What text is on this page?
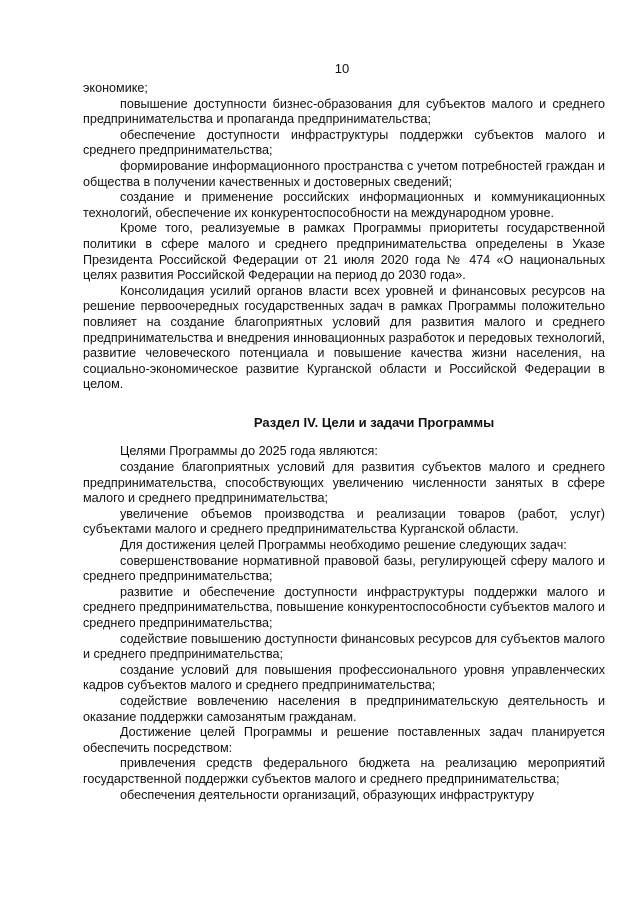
10

экономике;

повышение доступности бизнес-образования для субъектов малого и среднего предпринимательства и пропаганда предпринимательства;

обеспечение доступности инфраструктуры поддержки субъектов малого и среднего предпринимательства;

формирование информационного пространства с учетом потребностей граждан и общества в получении качественных и достоверных сведений;

создание и применение российских информационных и коммуникационных технологий, обеспечение их конкурентоспособности на международном уровне.

Кроме того, реализуемые в рамках Программы приоритеты государственной политики в сфере малого и среднего предпринимательства определены в Указе Президента Российской Федерации от 21 июля 2020 года № 474 «О национальных целях развития Российской Федерации на период до 2030 года».

Консолидация усилий органов власти всех уровней и финансовых ресурсов на решение первоочередных государственных задач в рамках Программы положительно повлияет на создание благоприятных условий для развития малого и среднего предпринимательства и внедрения инновационных разработок и передовых технологий, развитие человеческого потенциала и повышение качества жизни населения, на социально-экономическое развитие Курганской области и Российской Федерации в целом.

Раздел IV. Цели и задачи Программы

Целями Программы до 2025 года являются:

создание благоприятных условий для развития субъектов малого и среднего предпринимательства, способствующих увеличению численности занятых в сфере малого и среднего предпринимательства;

увеличение объемов производства и реализации товаров (работ, услуг) субъектами малого и среднего предпринимательства Курганской области.

Для достижения целей Программы необходимо решение следующих задач:

совершенствование нормативной правовой базы, регулирующей сферу малого и среднего предпринимательства;

развитие и обеспечение доступности инфраструктуры поддержки малого и среднего предпринимательства, повышение конкурентоспособности субъектов малого и среднего предпринимательства;

содействие повышению доступности финансовых ресурсов для субъектов малого и среднего предпринимательства;

создание условий для повышения профессионального уровня управленческих кадров субъектов малого и среднего предпринимательства;

содействие вовлечению населения в предпринимательскую деятельность и оказание поддержки самозанятым гражданам.

Достижение целей Программы и решение поставленных задач планируется обеспечить посредством:

привлечения средств федерального бюджета на реализацию мероприятий государственной поддержки субъектов малого и среднего предпринимательства;

обеспечения деятельности организаций, образующих инфраструктуру
